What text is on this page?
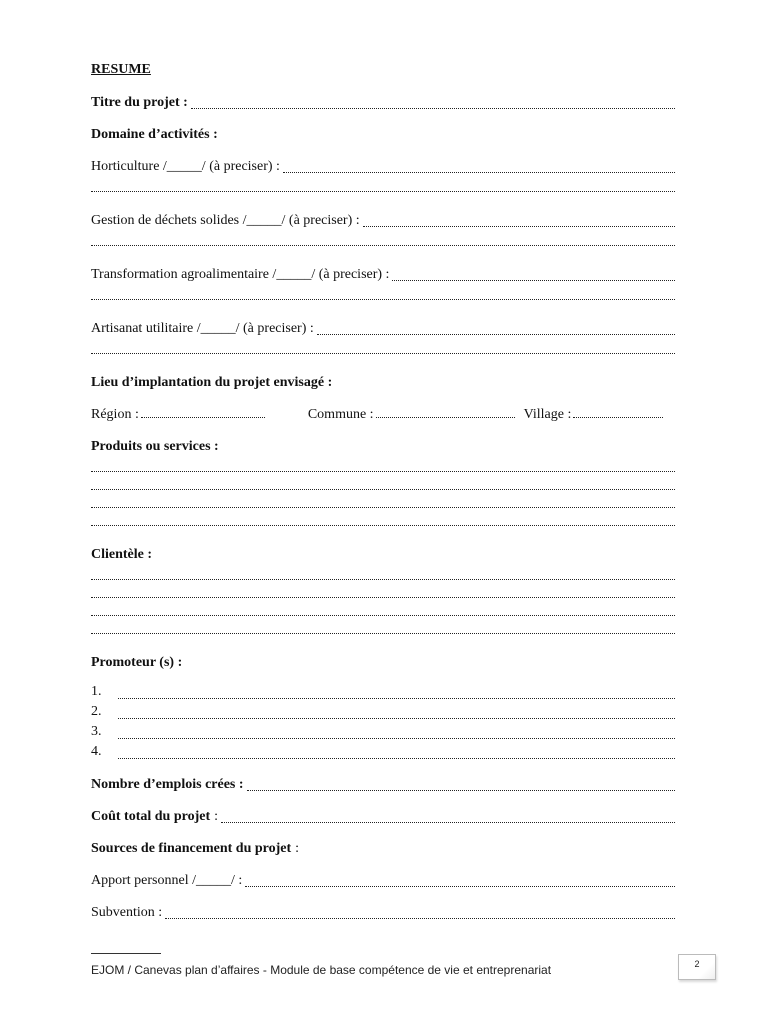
RESUME
Titre du projet :
Domaine d’activités :
Horticulture /_____/ (à preciser) :
Gestion de déchets solides /_____/ (à preciser) :
Transformation agroalimentaire /_____/ (à preciser) :
Artisanat utilitaire /_____/ (à preciser) :
Lieu d’implantation du projet envisagé :
Région :	Commune :	Village :
Produits ou services :
Clientèle :
Promoteur (s) :
1.
2.
3.
4.
Nombre d’emplois crées :
Coût total du projet :
Sources de financement du projet :
Apport personnel /_____/ :
Subvention :
EJOM / Canevas plan d’affaires - Module de base compétence de vie et entreprenariat	2
